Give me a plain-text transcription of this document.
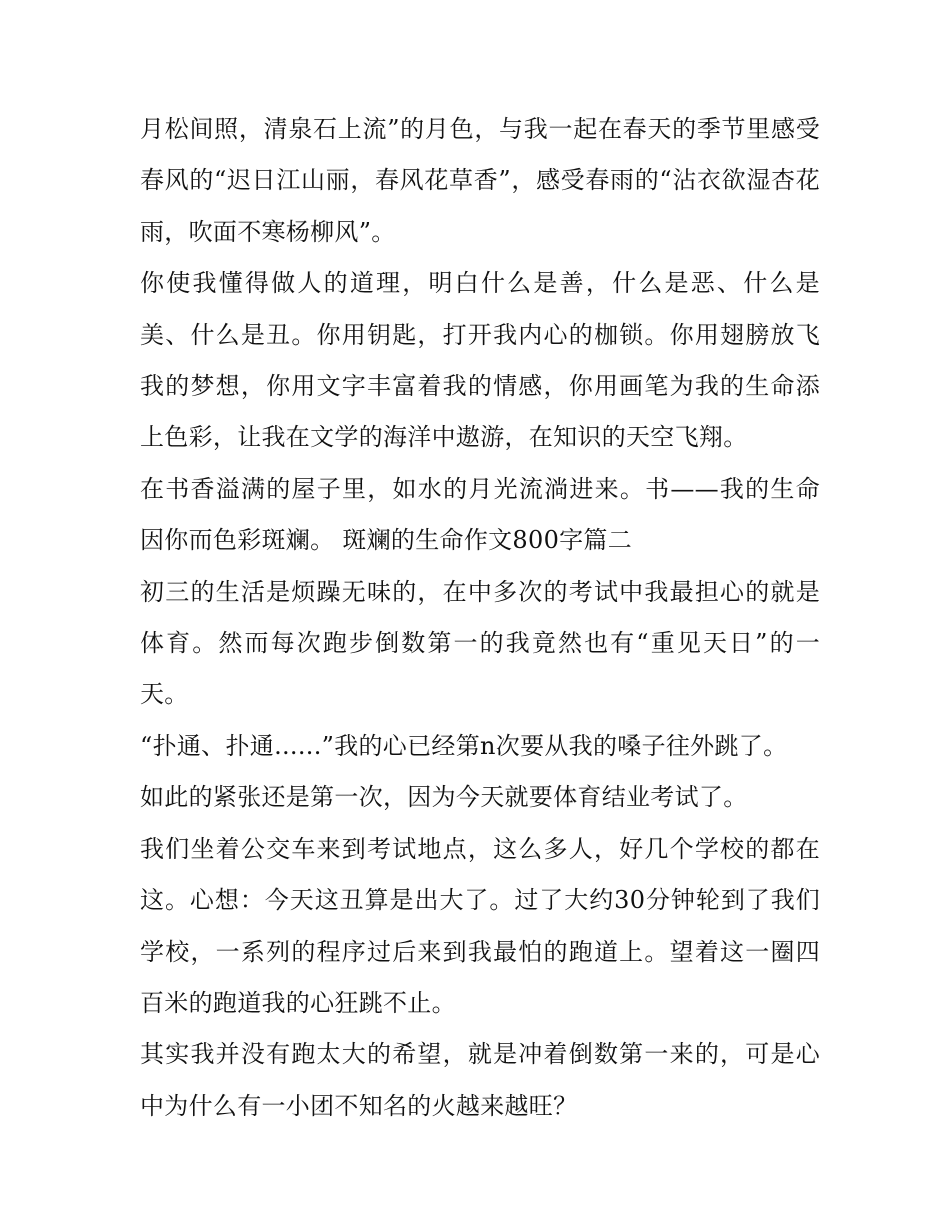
月松间照，清泉石上流”的月色，与我一起在春天的季节里感受春风的“迟日江山丽，春风花草香”，感受春雨的“沾衣欲湿杏花雨，吹面不寒杨柳风”。

你使我懂得做人的道理，明白什么是善，什么是恶、什么是美、什么是丑。你用钥匙，打开我内心的枷锁。你用翅膀放飞我的梦想，你用文字丰富着我的情感，你用画笔为我的生命添上色彩，让我在文学的海洋中遨游，在知识的天空飞翔。

在书香溢满的屋子里，如水的月光流淌进来。书——我的生命因你而色彩斑斓。 斑斓的生命作文800字篇二

初三的生活是烦躁无味的，在中多次的考试中我最担心的就是体育。然而每次跑步倒数第一的我竟然也有“重见天日”的一天。

“扑通、扑通......”我的心已经第n次要从我的嗓子往外跳了。

如此的紧张还是第一次，因为今天就要体育结业考试了。

我们坐着公交车来到考试地点，这么多人，好几个学校的都在这。心想：今天这丑算是出大了。过了大约30分钟轮到了我们学校，一系列的程序过后来到我最怕的跑道上。望着这一圈四百米的跑道我的心狂跳不止。

其实我并没有跑太大的希望，就是冲着倒数第一来的，可是心中为什么有一小团不知名的火越来越旺？
